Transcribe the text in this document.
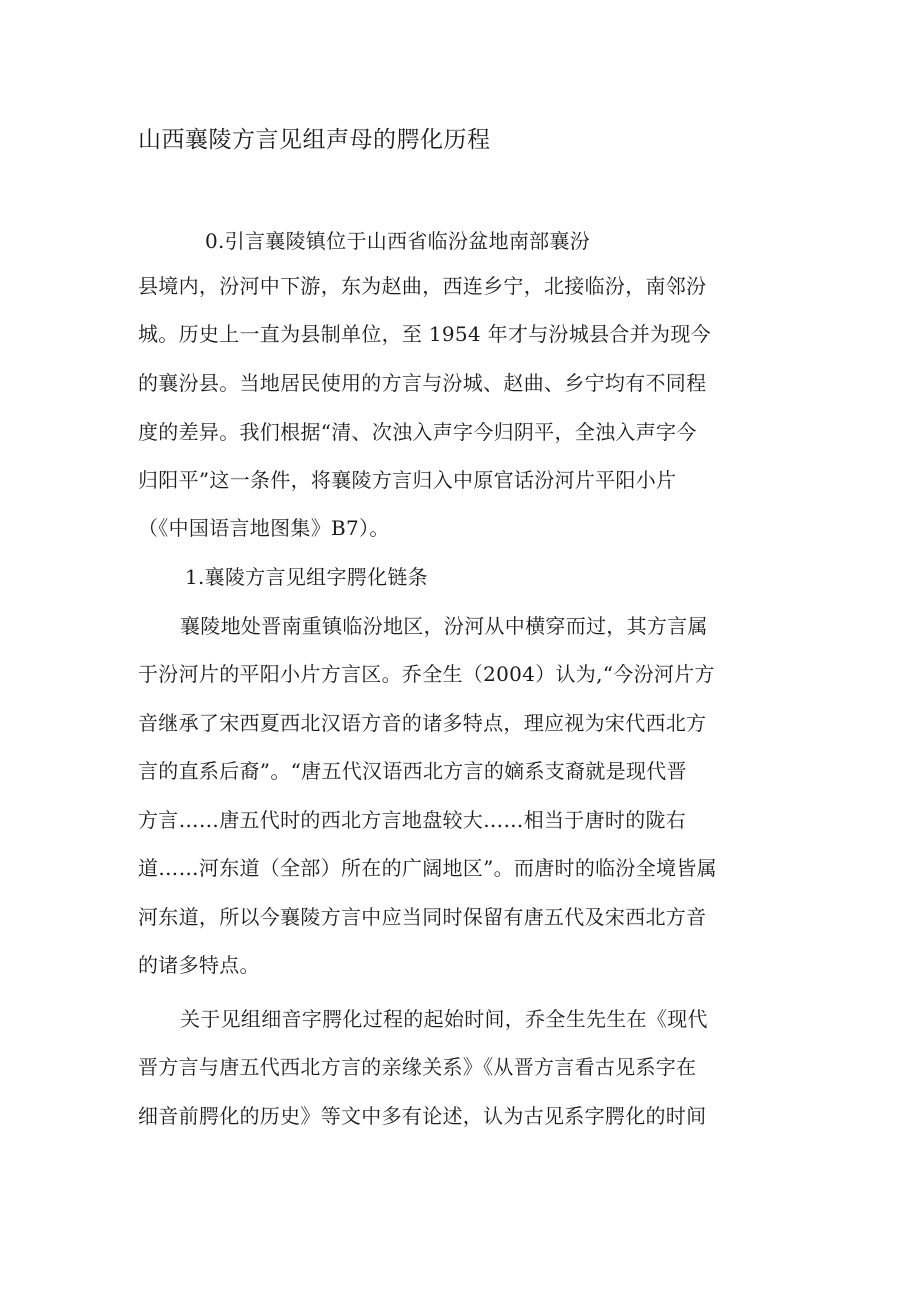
山西襄陵方言见组声母的腭化历程
0.引言襄陵镇位于山西省临汾盆地南部襄汾
县境内，汾河中下游，东为赵曲，西连乡宁，北接临汾，南邻汾
城。历史上一直为县制单位，至 1954 年才与汾城县合并为现今
的襄汾县。当地居民使用的方言与汾城、赵曲、乡宁均有不同程
度的差异。我们根据“清、次浊入声字今归阴平，全浊入声字今
归阳平”这一条件，将襄陵方言归入中原官话汾河片平阳小片
（《中国语言地图集》B7）。
1.襄陵方言见组字腭化链条
襄陵地处晋南重镇临汾地区，汾河从中横穿而过，其方言属
于汾河片的平阳小片方言区。乔全生（2004）认为,“今汾河片方
音继承了宋西夏西北汉语方音的诸多特点，理应视为宋代西北方
言的直系后裔”。“唐五代汉语西北方言的嫡系支裔就是现代晋
方言……唐五代时的西北方言地盘较大……相当于唐时的陇右
道……河东道（全部）所在的广阔地区”。而唐时的临汾全境皆属
河东道，所以今襄陵方言中应当同时保留有唐五代及宋西北方音
的诸多特点。
关于见组细音字腭化过程的起始时间，乔全生先生在《现代
晋方言与唐五代西北方言的亲缘关系》《从晋方言看古见系字在
细音前腭化的历史》等文中多有论述，认为古见系字腭化的时间
